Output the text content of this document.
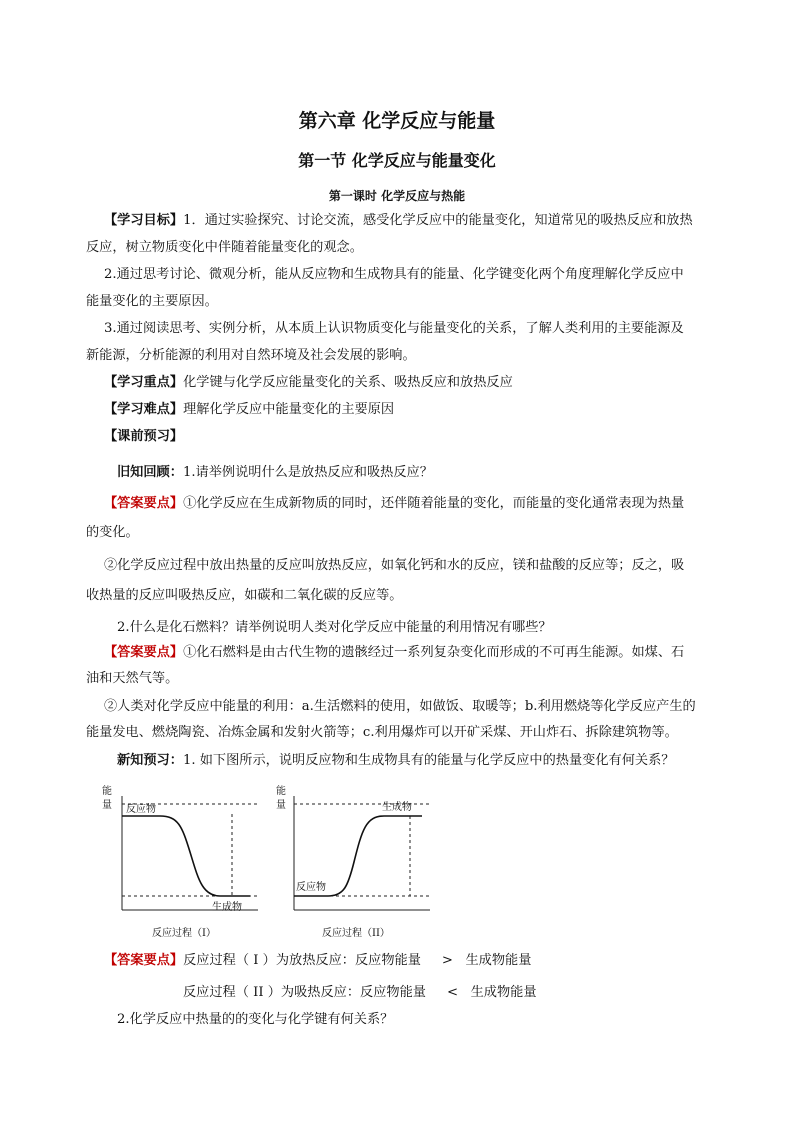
第六章 化学反应与能量
第一节 化学反应与能量变化
第一课时 化学反应与热能
【学习目标】1．通过实验探究、讨论交流，感受化学反应中的能量变化，知道常见的吸热反应和放热
反应，树立物质变化中伴随着能量变化的观念。
2.通过思考讨论、微观分析，能从反应物和生成物具有的能量、化学键变化两个角度理解化学反应中
能量变化的主要原因。
3.通过阅读思考、实例分析，从本质上认识物质变化与能量变化的关系，了解人类利用的主要能源及
新能源，分析能源的利用对自然环境及社会发展的影响。
【学习重点】化学键与化学反应能量变化的关系、吸热反应和放热反应
【学习难点】理解化学反应中能量变化的主要原因
【课前预习】
旧知回顾：1.请举例说明什么是放热反应和吸热反应？
【答案要点】①化学反应在生成新物质的同时，还伴随着能量的变化，而能量的变化通常表现为热量
的变化。
②化学反应过程中放出热量的反应叫放热反应，如氧化钙和水的反应，镁和盐酸的反应等；反之，吸
收热量的反应叫吸热反应，如碳和二氧化碳的反应等。
2.什么是化石燃料？请举例说明人类对化学反应中能量的利用情况有哪些？
【答案要点】①化石燃料是由古代生物的遗骸经过一系列复杂变化而形成的不可再生能源。如煤、石
油和天然气等。
②人类对化学反应中能量的利用：a.生活燃料的使用，如做饭、取暖等；b.利用燃烧等化学反应产生的
能量发电、燃烧陶瓷、冶炼金属和发射火箭等；c.利用爆炸可以开矿采煤、开山炸石、拆除建筑物等。
新知预习：1. 如下图所示，说明反应物和生成物具有的能量与化学反应中的热量变化有何关系？
能
量 反应物
生成物
反应过程（I）
能
量	生成物
反应物
反应过程（II）
【答案要点】反应过程（ I ）为放热反应：反应物能量     >   生成物能量
反应过程（ II ）为吸热反应：反应物能量     <   生成物能量
2.化学反应中热量的的变化与化学键有何关系？
